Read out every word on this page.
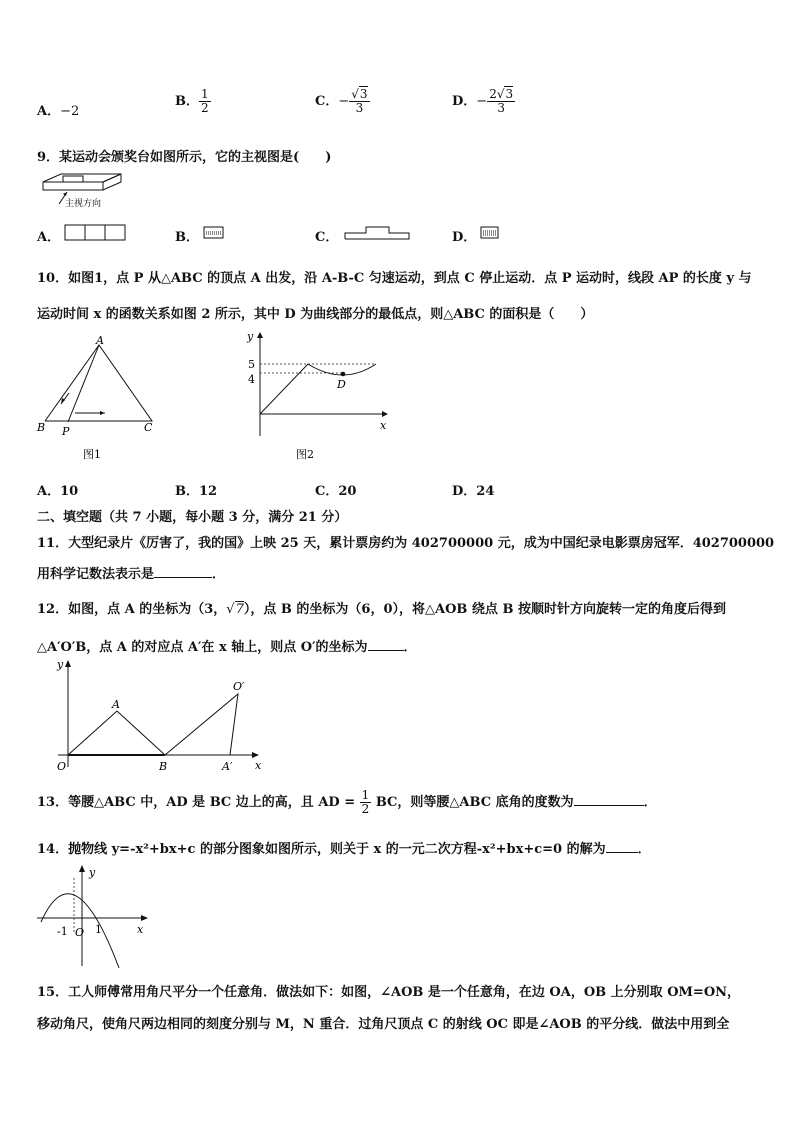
A．−2
B． $\frac{1}{2}$	C．− $\frac{√3}{3}$	D．− $\frac{2√3}{3}$
9．某运动会颁奖台如图所示，它的主视图是(　　)
主视方向
A．	B．	C．	D．
10．如图1，点 P 从△ABC 的顶点 A 出发，沿 A-B-C 匀速运动，到点 C 停止运动．点 P 运动时，线段 AP 的长度 y 与
运动时间 x 的函数关系如图 2 所示，其中 D 为曲线部分的最低点，则△ABC 的面积是（　　）
A
B P	C
图1
y
x
5
4	D
图2
A．10	B．12	C．20	D．24
二、填空题（共 7 小题，每小题 3 分，满分 21 分）
11．大型纪录片《厉害了，我的国》上映 25 天，累计票房约为 402700000 元，成为中国纪录电影票房冠军．402700000
用科学记数法表示是	．
12．如图，点 A 的坐标为（3，√7），点 B 的坐标为（6，0），将△AOB 绕点 B 按顺时针方向旋转一定的角度后得到
△A′O′B，点 A 的对应点 A′在 x 轴上，则点 O′的坐标为	．
y
x
O
A
B
O′
A′
13．等腰△ABC 中，AD 是 BC 边上的高，且 AD = $\frac{1}{2}$ BC，则等腰△ABC 底角的度数为	．
14．抛物线 y=-x²+bx+c 的部分图象如图所示，则关于 x 的一元二次方程-x²+bx+c=0 的解为 ．
y
x
-1 O 1
15．工人师傅常用角尺平分一个任意角．做法如下：如图，∠AOB 是一个任意角，在边 OA，OB 上分别取 OM=ON，
移动角尺，使角尺两边相同的刻度分别与 M，N 重合．过角尺顶点 C 的射线 OC 即是∠AOB 的平分线．做法中用到全
